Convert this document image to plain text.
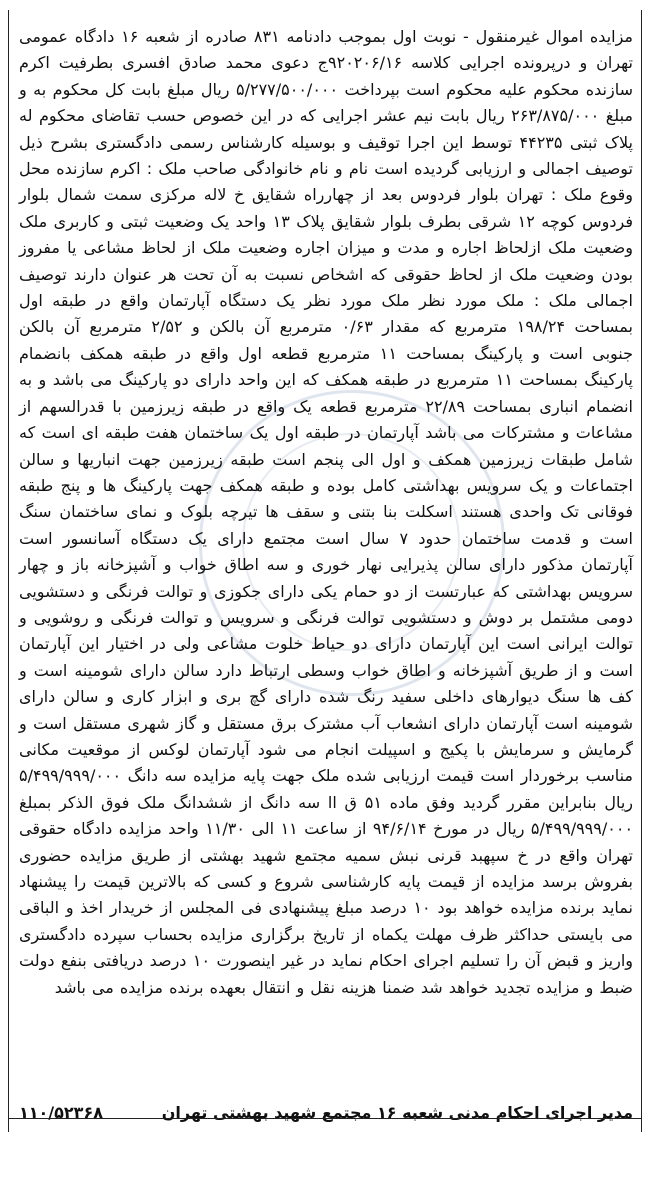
مزایده اموال غیرمنقول - نوبت اول بموجب دادنامه ۸۳۱ صادره از شعبه ۱۶ دادگاه عمومی تهران و درپرونده اجرایی کلاسه ۹۲۰۲۰۶/۱۶ج دعوی محمد صادق افسری بطرفیت اکرم سازنده محکوم علیه محکوم است بپرداخت ۵/۲۷۷/۵۰۰/۰۰۰ ریال مبلغ بابت کل محکوم به و مبلغ ۲۶۳/۸۷۵/۰۰۰ ریال بابت نیم عشر اجرایی که در این خصوص حسب تقاضای محکوم له پلاک ثبتی ۴۴۲۳۵ توسط این اجرا توقیف و بوسیله کارشناس رسمی دادگستری بشرح ذیل توصیف اجمالی و ارزیابی گردیده است نام و نام خانوادگی صاحب ملک : اکرم سازنده محل وقوع ملک : تهران بلوار فردوس بعد از چهارراه شقایق خ لاله مرکزی سمت شمال بلوار فردوس کوچه ۱۲ شرقی بطرف بلوار شقایق پلاک ۱۳ واحد یک وضعیت ثبتی و کاربری ملک وضعیت ملک ازلحاظ اجاره و مدت و میزان اجاره وضعیت ملک از لحاظ مشاعی یا مفروز بودن وضعیت ملک از لحاظ حقوقی که اشخاص نسبت به آن تحت هر عنوان دارند توصیف اجمالی ملک : ملک مورد نظر ملک مورد نظر یک دستگاه آپارتمان واقع در طبقه اول بمساحت ۱۹۸/۲۴ مترمربع که مقدار ۰/۶۳ مترمربع آن بالکن و ۲/۵۲ مترمربع آن بالکن جنوبی است و پارکینگ بمساحت ۱۱ مترمربع قطعه اول واقع در طبقه همکف بانضمام پارکینگ بمساحت ۱۱ مترمربع در طبقه همکف که این واحد دارای دو پارکینگ می باشد و به انضمام انباری بمساحت ۲۲/۸۹ مترمربع قطعه یک واقع در طبقه زیرزمین با قدرالسهم از مشاعات و مشترکات می باشد آپارتمان در طبقه اول یک ساختمان هفت طبقه ای است که شامل طبقات زیرزمین همکف و اول الی پنجم است طبقه زیرزمین جهت انباریها و سالن اجتماعات و یک سرویس بهداشتی کامل بوده و طبقه همکف جهت پارکینگ ها و پنج طبقه فوقانی تک واحدی هستند اسکلت بنا بتنی و سقف ها تیرچه بلوک و نمای ساختمان سنگ است و قدمت ساختمان حدود ۷ سال است مجتمع دارای یک دستگاه آسانسور است آپارتمان مذکور دارای سالن پذیرایی نهار خوری و سه اطاق خواب و آشپزخانه باز و چهار سرویس بهداشتی که عبارتست از دو حمام یکی دارای جکوزی و توالت فرنگی و دستشویی دومی مشتمل بر دوش و دستشویی توالت فرنگی و سرویس و توالت فرنگی و روشویی و توالت ایرانی است این آپارتمان دارای دو حیاط خلوت مشاعی ولی در اختیار این آپارتمان است و از طریق آشپزخانه و اطاق خواب وسطی ارتباط دارد سالن دارای شومینه است و کف ها سنگ دیوارهای داخلی سفید رنگ شده دارای گچ بری و ابزار کاری و سالن دارای شومینه است آپارتمان دارای انشعاب آب مشترک برق مستقل و گاز شهری مستقل است و گرمایش و سرمایش با پکیج و اسپیلت انجام می شود آپارتمان لوکس از موقعیت مکانی مناسب برخوردار است قیمت ارزیابی شده ملک جهت پایه مزایده سه دانگ ۵/۴۹۹/۹۹۹/۰۰۰ ریال بنابراین مقرر گردید وفق ماده ۵۱ ق اا سه دانگ از ششدانگ ملک فوق الذکر بمبلغ ۵/۴۹۹/۹۹۹/۰۰۰ ریال در مورخ ۹۴/۶/۱۴ از ساعت ۱۱ الی ۱۱/۳۰ واحد مزایده دادگاه حقوقی تهران واقع در خ سپهبد قرنی نبش سمیه مجتمع شهید بهشتی از طریق مزایده حضوری بفروش برسد مزایده از قیمت پایه کارشناسی شروع و کسی که بالاترین قیمت را پیشنهاد نماید برنده مزایده خواهد بود ۱۰ درصد مبلغ پیشنهادی فی المجلس از خریدار اخذ و الباقی می بایستی حداکثر ظرف مهلت یکماه از تاریخ برگزاری مزایده بحساب سپرده دادگستری واریز و قبض آن را تسلیم اجرای احکام نماید در غیر اینصورت ۱۰ درصد دریافتی بنفع دولت ضبط و مزایده تجدید خواهد شد ضمنا هزینه نقل و انتقال بعهده برنده مزایده می باشد
مدیر اجرای احکام مدنی شعبه ۱۶ مجتمع شهید بهشتی تهران
۱۱۰/۵۲۳۶۸
